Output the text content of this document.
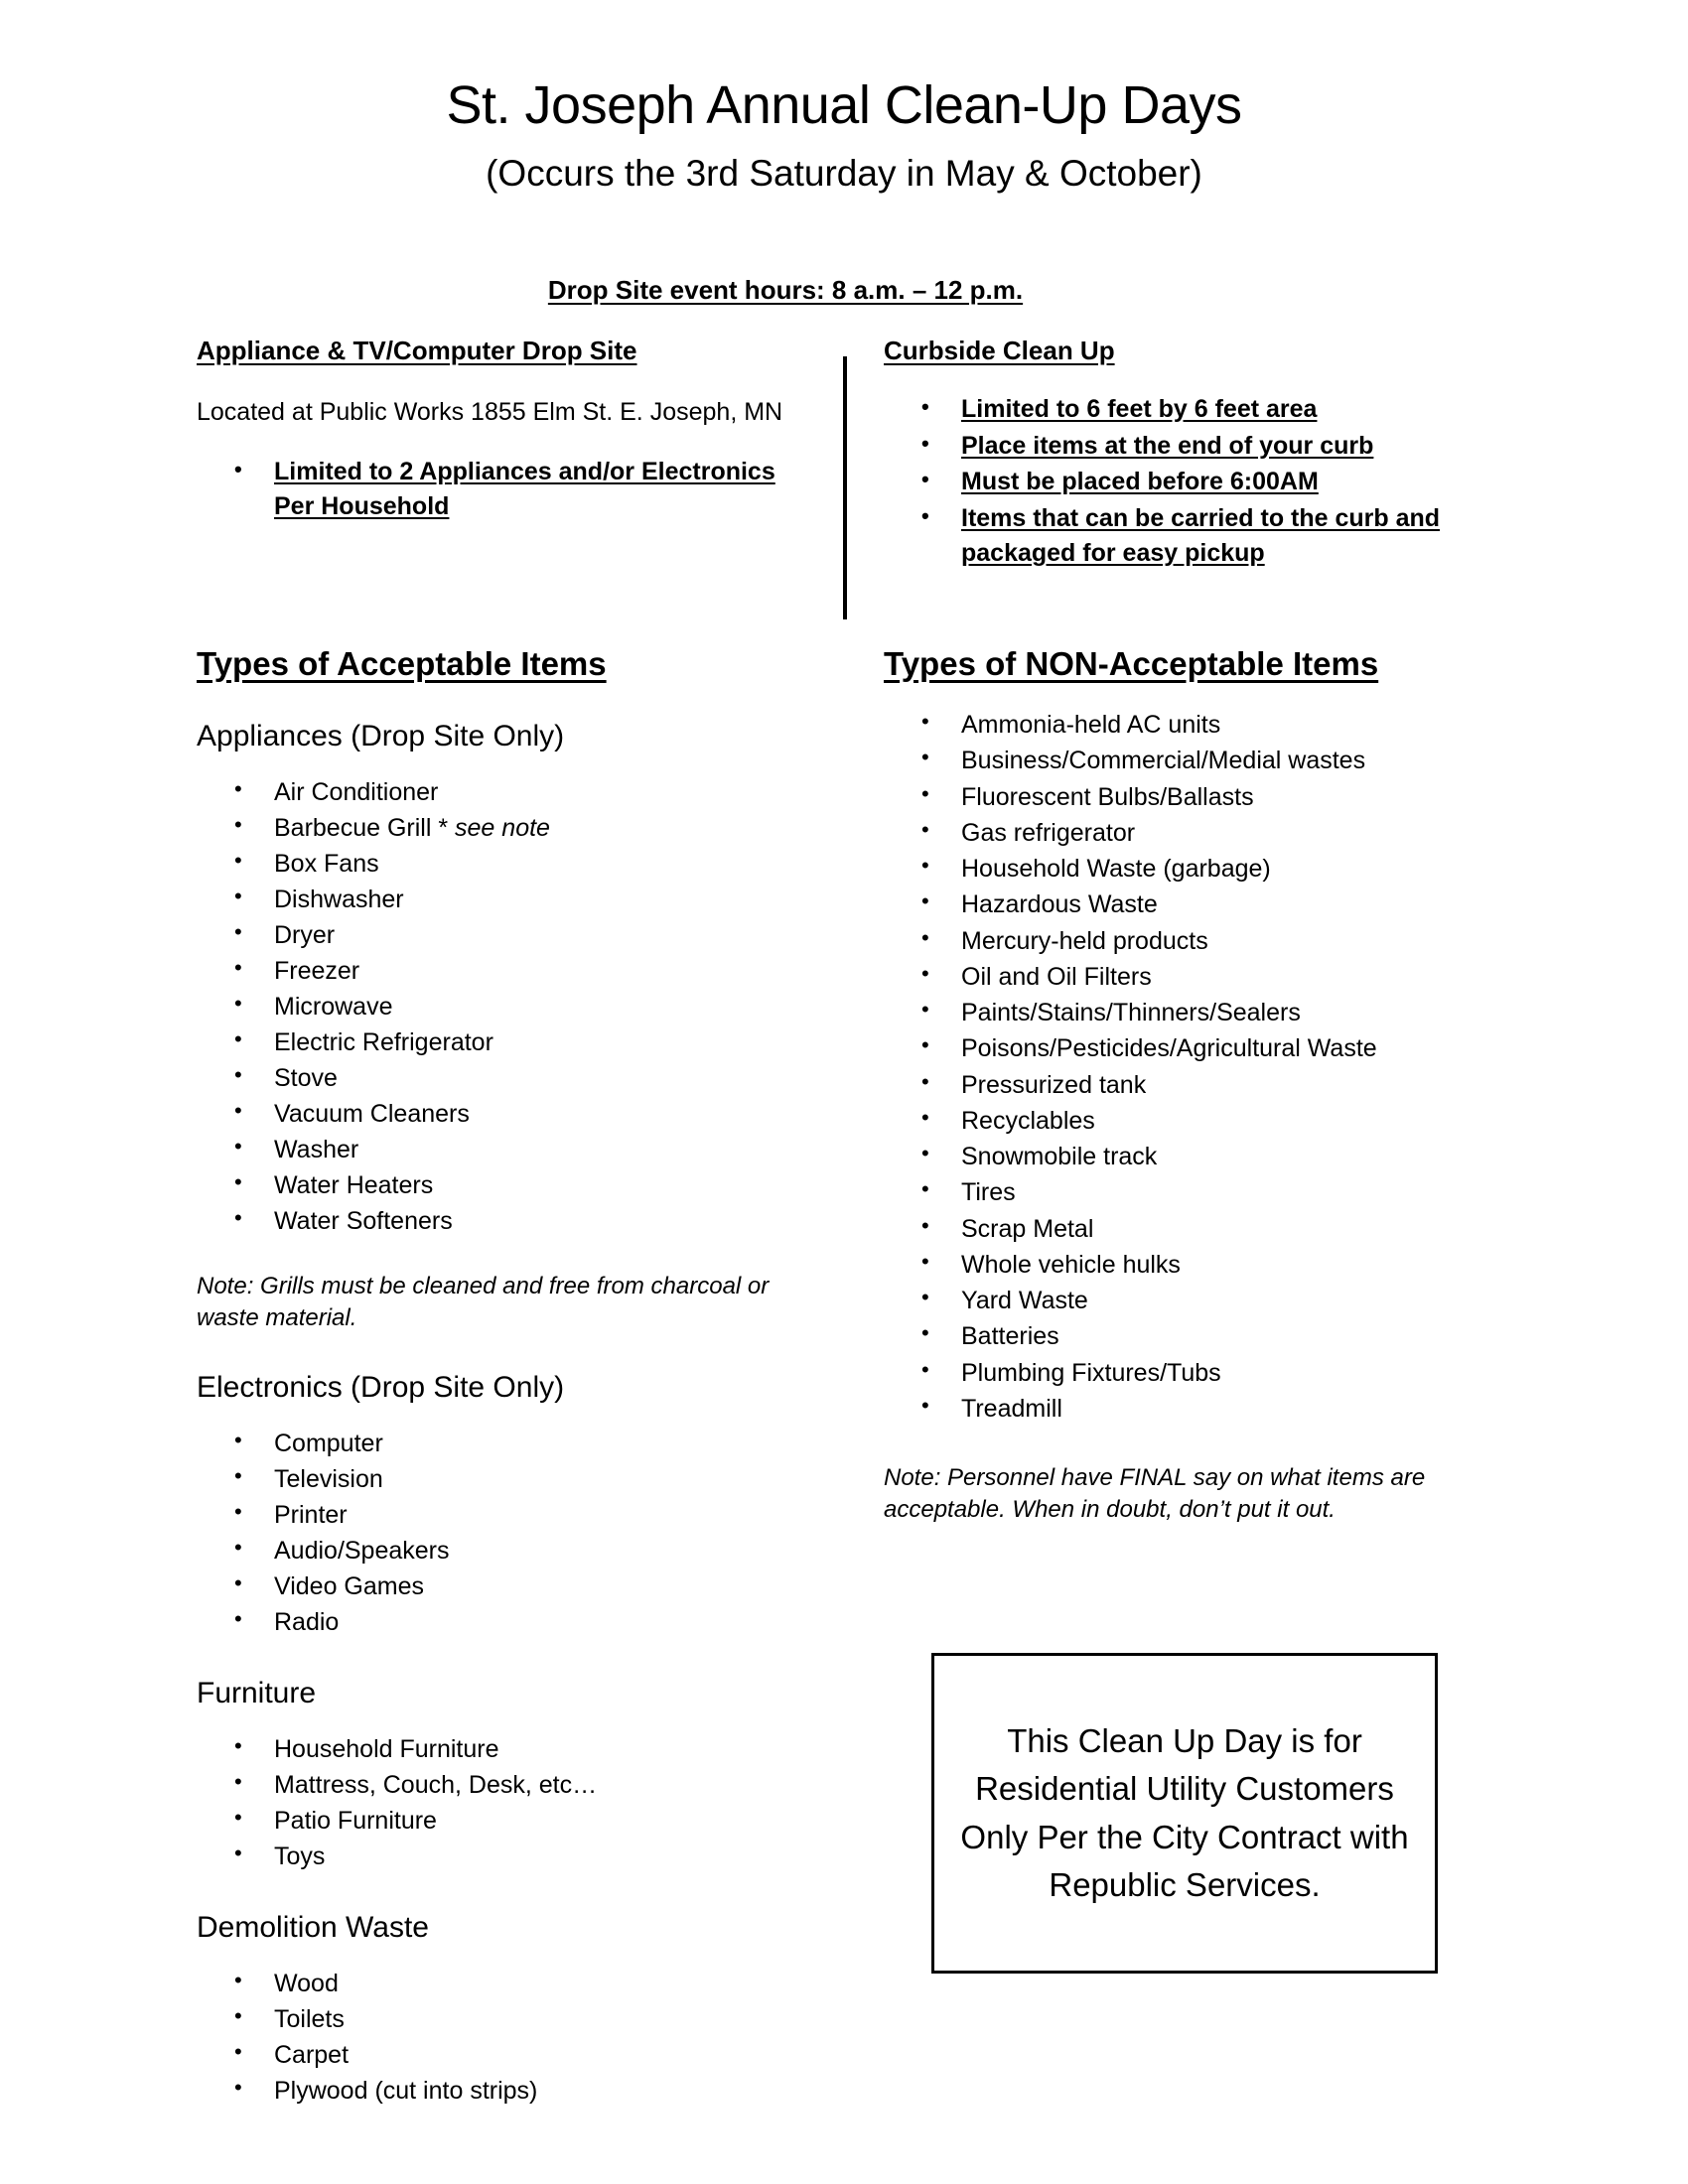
St. Joseph Annual Clean-Up Days
(Occurs the 3rd Saturday in May & October)
Drop Site event hours: 8 a.m. – 12 p.m.
Appliance & TV/Computer Drop Site
Located at Public Works 1855 Elm St. E. Joseph, MN
• Limited to 2 Appliances and/or Electronics Per Household
Curbside Clean Up
• Limited to 6 feet by 6 feet area
• Place items at the end of your curb
• Must be placed before 6:00AM
• Items that can be carried to the curb and packaged for easy pickup
Types of Acceptable Items
Appliances (Drop Site Only)
• Air Conditioner
• Barbecue Grill * see note
• Box Fans
• Dishwasher
• Dryer
• Freezer
• Microwave
• Electric Refrigerator
• Stove
• Vacuum Cleaners
• Washer
• Water Heaters
• Water Softeners
Note: Grills must be cleaned and free from charcoal or waste material.
Electronics (Drop Site Only)
• Computer
• Television
• Printer
• Audio/Speakers
• Video Games
• Radio
Furniture
• Household Furniture
• Mattress, Couch, Desk, etc…
• Patio Furniture
• Toys
Demolition Waste
• Wood
• Toilets
• Carpet
• Plywood (cut into strips)
Types of NON-Acceptable Items
• Ammonia-held AC units
• Business/Commercial/Medial wastes
• Fluorescent Bulbs/Ballasts
• Gas refrigerator
• Household Waste (garbage)
• Hazardous Waste
• Mercury-held products
• Oil and Oil Filters
• Paints/Stains/Thinners/Sealers
• Poisons/Pesticides/Agricultural Waste
• Pressurized tank
• Recyclables
• Snowmobile track
• Tires
• Scrap Metal
• Whole vehicle hulks
• Yard Waste
• Batteries
• Plumbing Fixtures/Tubs
• Treadmill
Note: Personnel have FINAL say on what items are acceptable. When in doubt, don’t put it out.
This Clean Up Day is for Residential Utility Customers Only Per the City Contract with Republic Services.
